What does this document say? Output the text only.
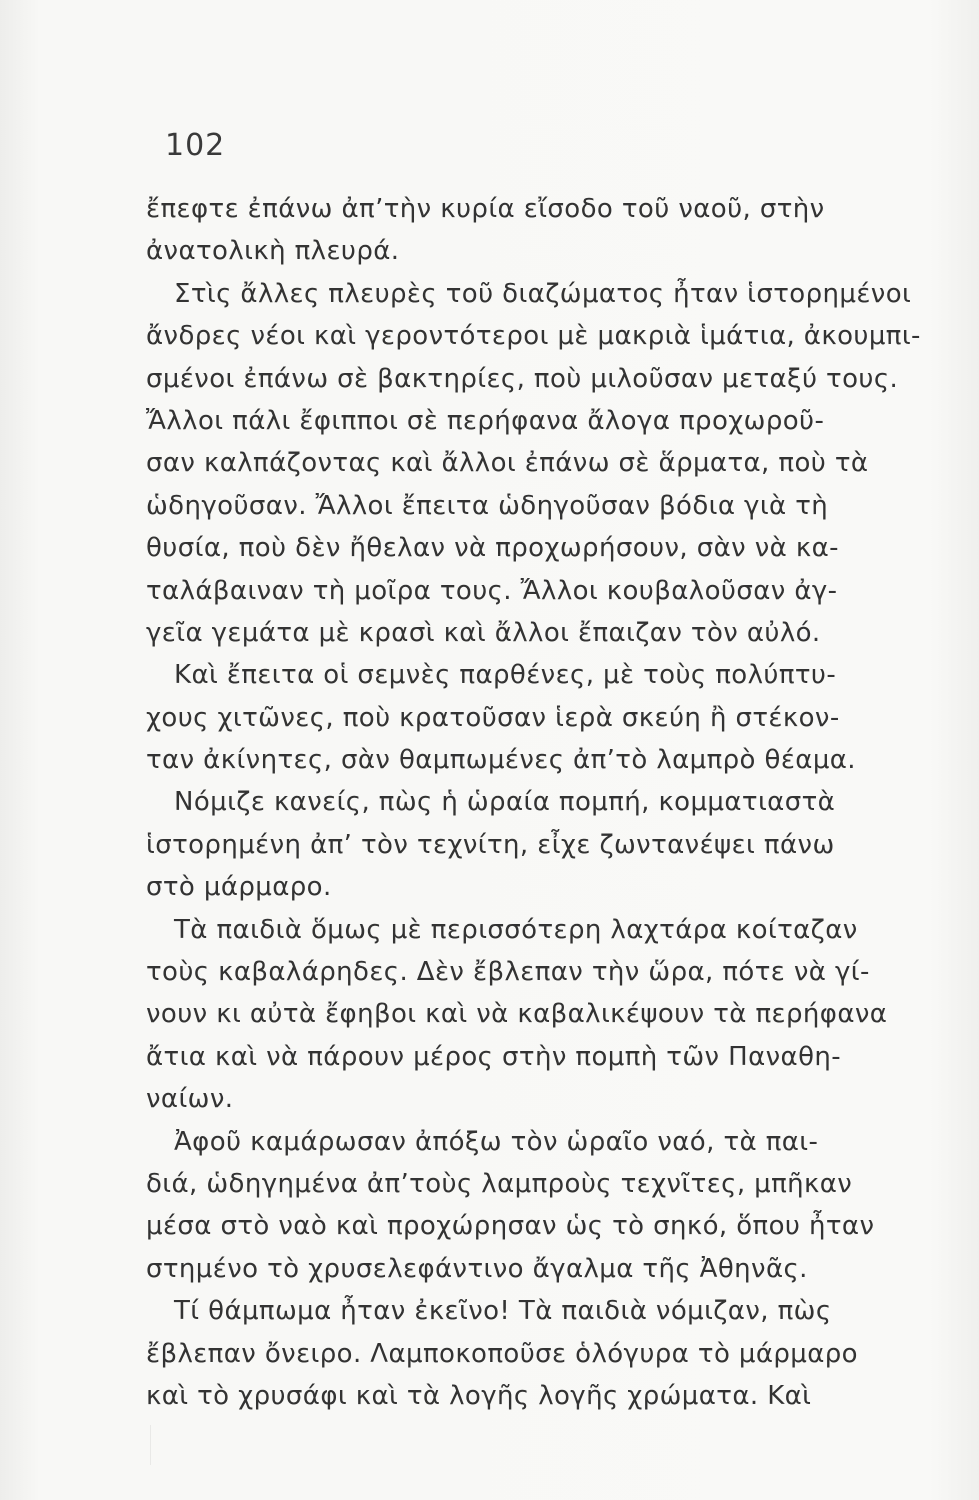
102
ἔπεφτε ἐπάνω ἀπ’τὴν κυρία εἴσοδο τοῦ ναοῦ, στὴν
ἀνατολικὴ πλευρά.
Στὶς ἄλλες πλευρὲς τοῦ διαζώματος ἦταν ἱστορημένοι
ἄνδρες νέοι καὶ γεροντότεροι μὲ μακριὰ ἱμάτια, ἀκουμπι-
σμένοι ἐπάνω σὲ βακτηρίες, ποὺ μιλοῦσαν μεταξύ τους.
Ἄλλοι πάλι ἔφιπποι σὲ περήφανα ἄλογα προχωροῦ-
σαν καλπάζοντας καὶ ἄλλοι ἐπάνω σὲ ἅρματα, ποὺ τὰ
ὡδηγοῦσαν. Ἄλλοι ἔπειτα ὡδηγοῦσαν βόδια γιὰ τὴ
θυσία, ποὺ δὲν ἤθελαν νὰ προχωρήσουν, σὰν νὰ κα-
ταλάβαιναν τὴ μοῖρα τους. Ἄλλοι κουβαλοῦσαν ἀγ-
γεῖα γεμάτα μὲ κρασὶ καὶ ἄλλοι ἔπαιζαν τὸν αὐλό.
Καὶ ἔπειτα οἱ σεμνὲς παρθένες, μὲ τοὺς πολύπτυ-
χους χιτῶνες, ποὺ κρατοῦσαν ἱερὰ σκεύη ἢ στέκον-
ταν ἀκίνητες, σὰν θαμπωμένες ἀπ’τὸ λαμπρὸ θέαμα.
Νόμιζε κανείς, πὼς ἡ ὡραία πομπή, κομματιαστὰ
ἱστορημένη ἀπ’ τὸν τεχνίτη, εἶχε ζωντανέψει πάνω
στὸ μάρμαρο.
Τὰ παιδιὰ ὅμως μὲ περισσότερη λαχτάρα κοίταζαν
τοὺς καβαλάρηδες. Δὲν ἔβλεπαν τὴν ὥρα, πότε νὰ γί-
νουν κι αὐτὰ ἔφηβοι καὶ νὰ καβαλικέψουν τὰ περήφανα
ἄτια καὶ νὰ πάρουν μέρος στὴν πομπὴ τῶν Παναθη-
ναίων.
Ἀφοῦ καμάρωσαν ἀπόξω τὸν ὡραῖο ναό, τὰ παι-
διά, ὡδηγημένα ἀπ’τοὺς λαμπροὺς τεχνῖτες, μπῆκαν
μέσα στὸ ναὸ καὶ προχώρησαν ὡς τὸ σηκό, ὅπου ἦταν
στημένο τὸ χρυσελεφάντινο ἄγαλμα τῆς Ἀθηνᾶς.
Τί θάμπωμα ἦταν ἐκεῖνο! Τὰ παιδιὰ νόμιζαν, πὼς
ἔβλεπαν ὄνειρο. Λαμποκοποῦσε ὁλόγυρα τὸ μάρμαρο
καὶ τὸ χρυσάφι καὶ τὰ λογῆς λογῆς χρώματα. Καὶ
